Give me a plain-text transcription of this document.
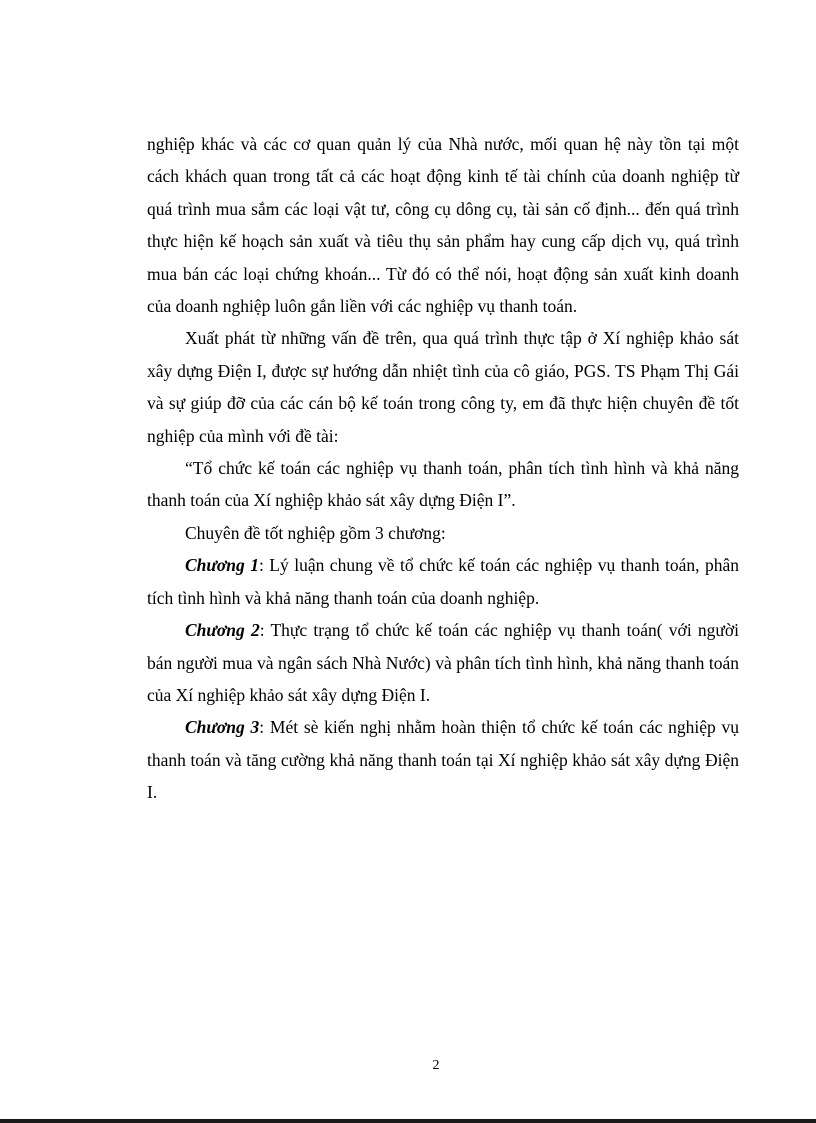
nghiệp khác và các cơ quan quản lý của Nhà nước, mối quan hệ này tồn tại một cách khách quan trong tất cả các hoạt động kinh tế tài chính của doanh nghiệp từ quá trình mua sắm các loại vật tư, công cụ dông cụ, tài sản cố định... đến quá trình thực hiện kế hoạch sản xuất và tiêu thụ sản phẩm hay cung cấp dịch vụ, quá trình mua bán các loại chứng khoán... Từ đó có thể nói, hoạt động sản xuất kinh doanh của doanh nghiệp luôn gắn liền với các nghiệp vụ thanh toán.

Xuất phát từ những vấn đề trên, qua quá trình thực tập ở Xí nghiệp khảo sát xây dựng Điện I, được sự hướng dẫn nhiệt tình của cô giáo, PGS. TS Phạm Thị Gái và sự giúp đỡ của các cán bộ kế toán trong công ty, em đã thực hiện chuyên đề tốt nghiệp của mình với đề tài:

“Tổ chức kế toán các nghiệp vụ thanh toán, phân tích tình hình và khả năng thanh toán của Xí nghiệp khảo sát xây dựng Điện I”.

Chuyên đề tốt nghiệp gồm 3 chương:

Chương 1: Lý luận chung về tổ chức kế toán các nghiệp vụ thanh toán, phân tích tình hình và khả năng thanh toán của doanh nghiệp.

Chương 2: Thực trạng tổ chức kế toán các nghiệp vụ thanh toán( với người bán người mua và ngân sách Nhà Nước) và phân tích tình hình, khả năng thanh toán của Xí nghiệp khảo sát xây dựng Điện I.

Chương 3: Mét sè kiến nghị nhằm hoàn thiện tổ chức kế toán các nghiệp vụ thanh toán và tăng cường khả năng thanh toán tại Xí nghiệp khảo sát xây dựng Điện I.

2
